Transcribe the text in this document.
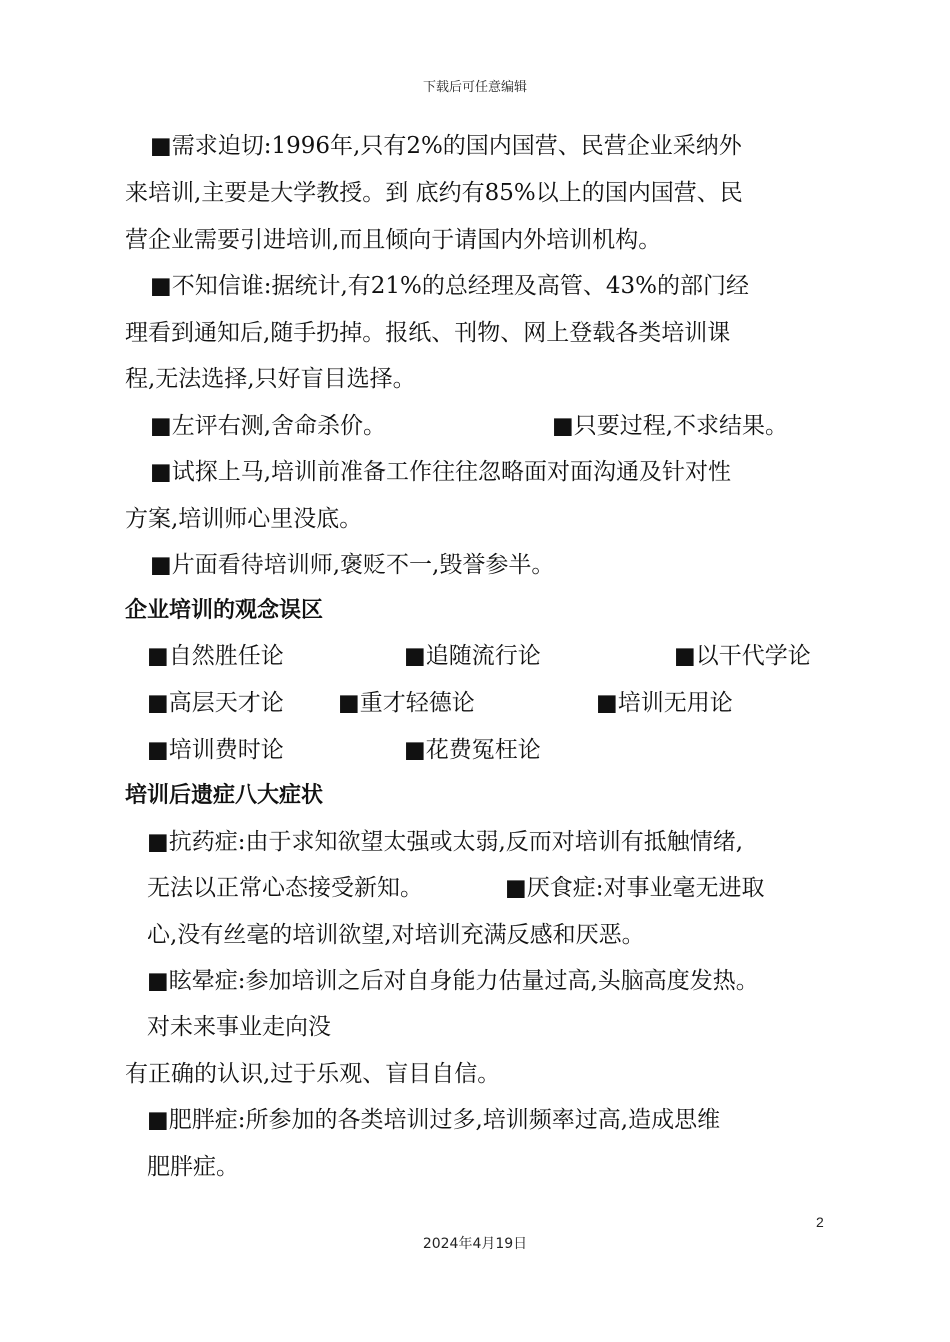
下载后可任意编辑
■需求迫切:1996年,只有2%的国内国营、民营企业采纳外
来培训,主要是大学教授。到 底约有85%以上的国内国营、民
营企业需要引进培训,而且倾向于请国内外培训机构。
■不知信谁:据统计,有21%的总经理及高管、43%的部门经
理看到通知后,随手扔掉。报纸、刊物、网上登载各类培训课
程,无法选择,只好盲目选择。
■左评右测,舍命杀价。	■只要过程,不求结果。
■试探上马,培训前准备工作往往忽略面对面沟通及针对性
方案,培训师心里没底。
■片面看待培训师,褒贬不一,毁誉参半。
企业培训的观念误区
■自然胜任论	■追随流行论	■以干代学论
■高层天才论 ■重才轻德论	■培训无用论
■培训费时论	■花费冤枉论
培训后遗症八大症状
■抗药症:由于求知欲望太强或太弱,反而对培训有抵触情绪,
无法以正常心态接受新知。	■厌食症:对事业毫无进取
心,没有丝毫的培训欲望,对培训充满反感和厌恶。
■眩晕症:参加培训之后对自身能力估量过高,头脑高度发热。
对未来事业走向没
有正确的认识,过于乐观、盲目自信。
■肥胖症:所参加的各类培训过多,培训频率过高,造成思维
肥胖症。
2
2024年4月19日
